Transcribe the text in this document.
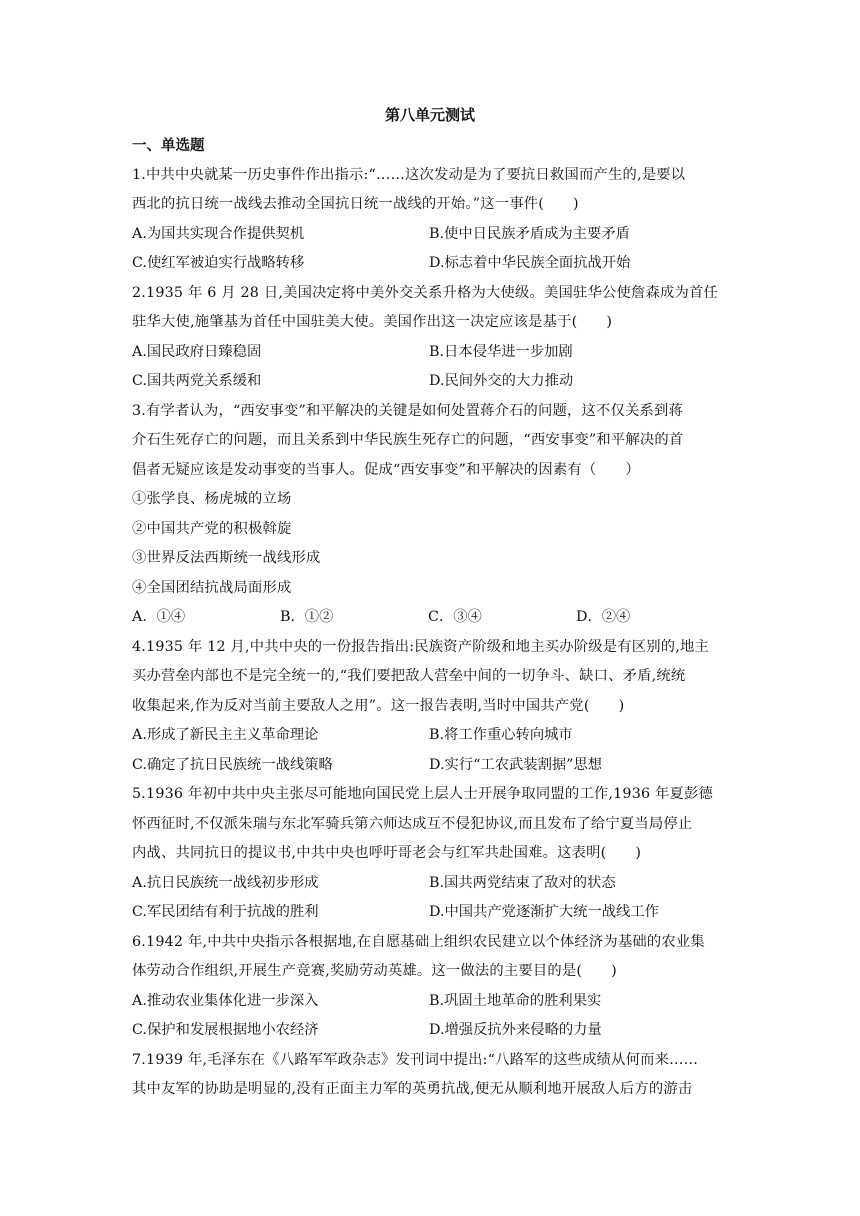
第八单元测试
一、单选题
1.中共中央就某一历史事件作出指示:“……这次发动是为了要抗日救国而产生的,是要以
西北的抗日统一战线去推动全国抗日统一战线的开始。”这一事件(　　)
A.为国共实现合作提供契机	B.使中日民族矛盾成为主要矛盾
C.使红军被迫实行战略转移	D.标志着中华民族全面抗战开始
2.1935 年 6 月 28 日,美国决定将中美外交关系升格为大使级。美国驻华公使詹森成为首任
驻华大使,施肇基为首任中国驻美大使。美国作出这一决定应该是基于(　　)
A.国民政府日臻稳固	B.日本侵华进一步加剧
C.国共两党关系缓和	D.民间外交的大力推动
3.有学者认为，“西安事变”和平解决的关键是如何处置蒋介石的问题，这不仅关系到蒋
介石生死存亡的问题，而且关系到中华民族生死存亡的问题，“西安事变”和平解决的首
倡者无疑应该是发动事变的当事人。促成“西安事变”和平解决的因素有（　　）
①张学良、杨虎城的立场
②中国共产党的积极斡旋
③世界反法西斯统一战线形成
④全国团结抗战局面形成
A．①④	B．①②	C．③④	D．②④
4.1935 年 12 月,中共中央的一份报告指出:民族资产阶级和地主买办阶级是有区别的,地主
买办营垒内部也不是完全统一的,“我们要把敌人营垒中间的一切争斗、缺口、矛盾,统统
收集起来,作为反对当前主要敌人之用”。这一报告表明,当时中国共产党(　　)
A.形成了新民主主义革命理论	B.将工作重心转向城市
C.确定了抗日民族统一战线策略	D.实行“工农武装割据”思想
5.1936 年初中共中央主张尽可能地向国民党上层人士开展争取同盟的工作,1936 年夏彭德
怀西征时,不仅派朱瑞与东北军骑兵第六师达成互不侵犯协议,而且发布了给宁夏当局停止
内战、共同抗日的提议书,中共中央也呼吁哥老会与红军共赴国难。这表明(　　)
A.抗日民族统一战线初步形成	B.国共两党结束了敌对的状态
C.军民团结有利于抗战的胜利	D.中国共产党逐渐扩大统一战线工作
6.1942 年,中共中央指示各根据地,在自愿基础上组织农民建立以个体经济为基础的农业集
体劳动合作组织,开展生产竞赛,奖励劳动英雄。这一做法的主要目的是(　　)
A.推动农业集体化进一步深入	B.巩固土地革命的胜利果实
C.保护和发展根据地小农经济	D.增强反抗外来侵略的力量
7.1939 年,毛泽东在《八路军军政杂志》发刊词中提出:“八路军的这些成绩从何而来……
其中友军的协助是明显的,没有正面主力军的英勇抗战,便无从顺利地开展敌人后方的游击
